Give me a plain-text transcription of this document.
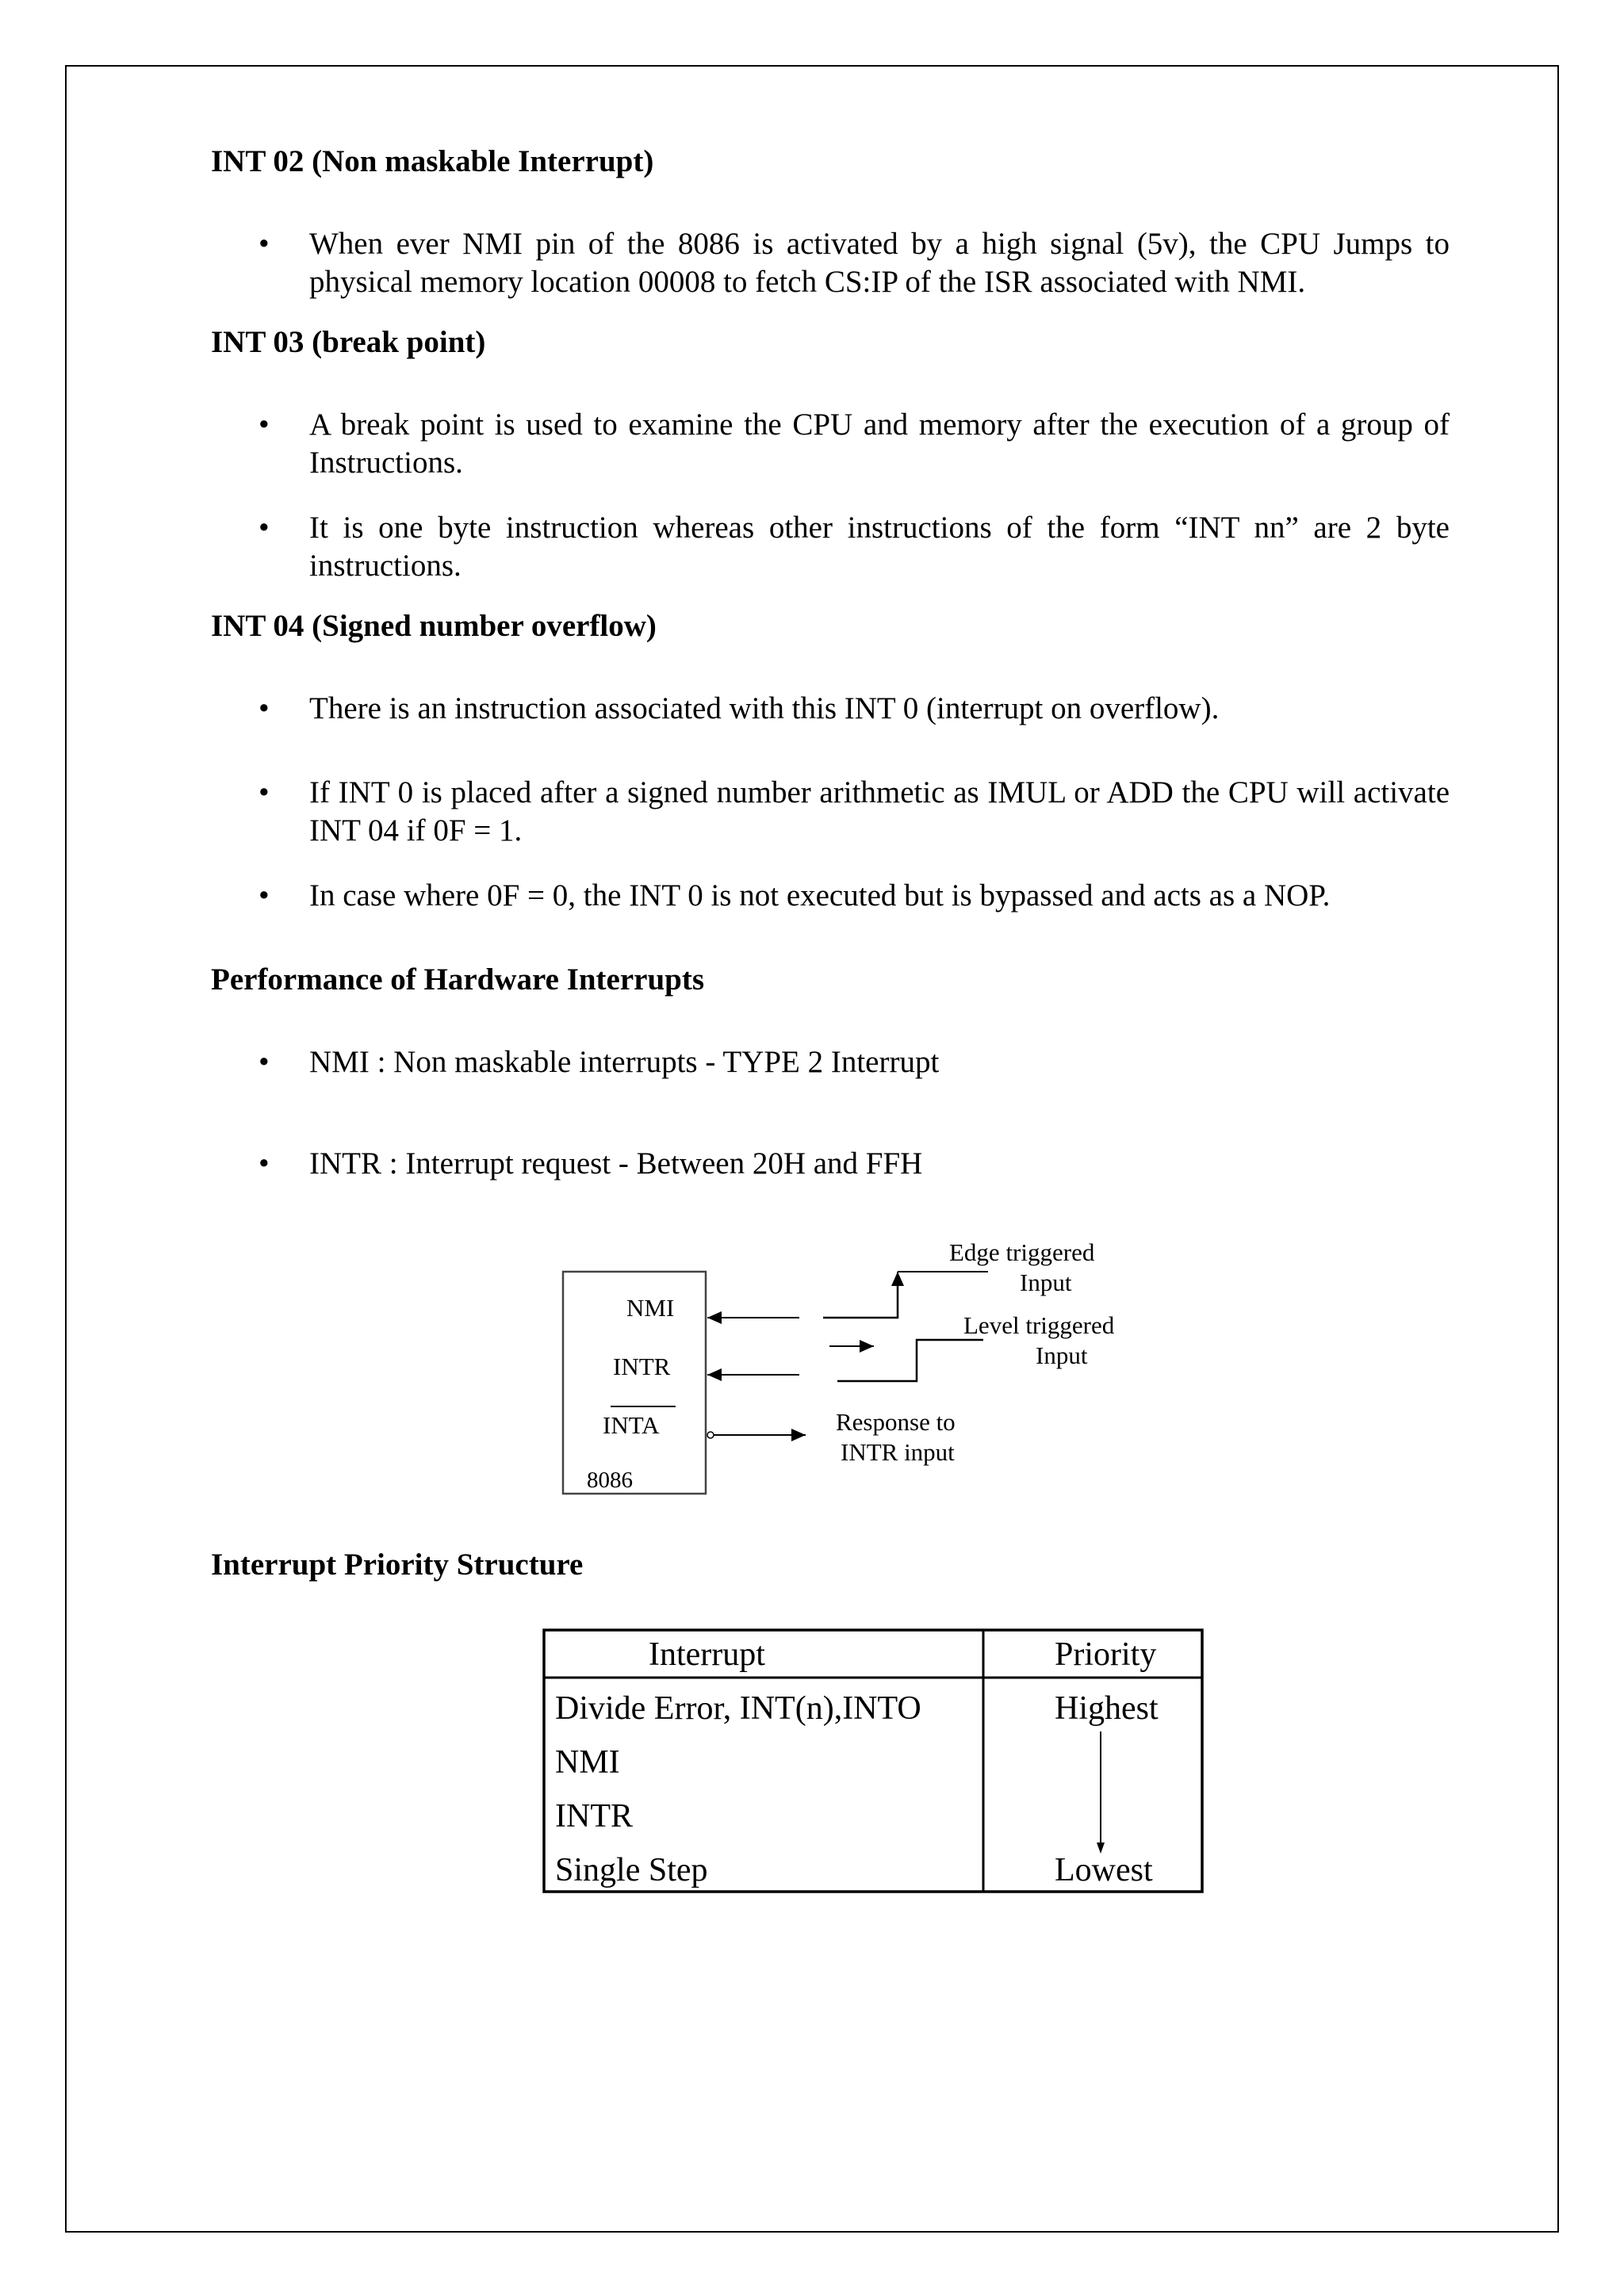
INT 02 (Non maskable Interrupt)
• When ever NMI pin of the 8086 is activated by a high signal (5v), the CPU Jumps to physical memory location 00008 to fetch CS:IP of the ISR associated with NMI.
INT 03 (break point)
• A break point is used to examine the CPU and memory after the execution of a group of Instructions.
• It is one byte instruction whereas other instructions of the form “INT nn” are 2 byte instructions.
INT 04 (Signed number overflow)
• There is an instruction associated with this INT 0 (interrupt on overflow).
• If INT 0 is placed after a signed number arithmetic as IMUL or ADD the CPU will activate INT 04 if 0F = 1.
• In case where 0F = 0, the INT 0 is not executed but is bypassed and acts as a NOP.
Performance of Hardware Interrupts
• NMI : Non maskable interrupts - TYPE 2 Interrupt
• INTR : Interrupt request - Between 20H and FFH
NMI
INTR
INTA
8086
Edge triggered
Input
Level triggered
Input
Response to
INTR input
Interrupt Priority Structure
Interrupt	Priority
Divide Error, INT(n),INTO
NMI
INTR
Single Step
Highest
Lowest
